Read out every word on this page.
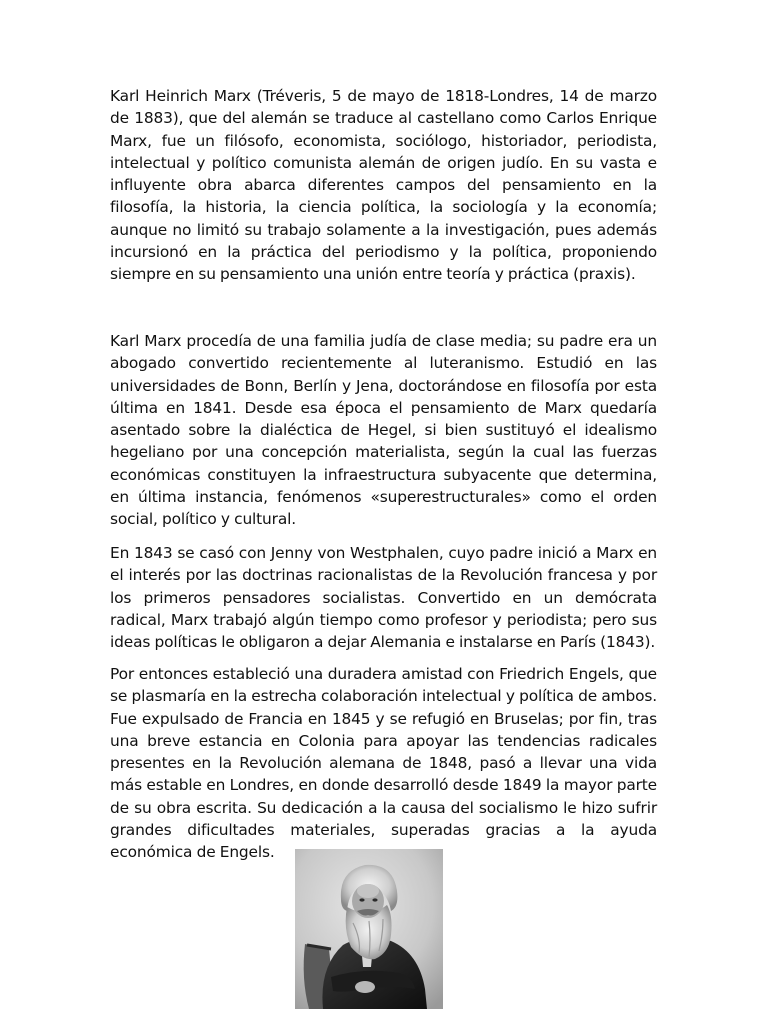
Karl Heinrich Marx (Tréveris, 5 de mayo de 1818-Londres, 14 de marzo de 1883), que del alemán se traduce al castellano como Carlos Enrique Marx, fue un filósofo, economista, sociólogo, historiador, periodista, intelectual y político comunista alemán de origen judío. En su vasta e influyente obra abarca diferentes campos del pensamiento en la filosofía, la historia, la ciencia política, la sociología y la economía; aunque no limitó su trabajo solamente a la investigación, pues además incursionó en la práctica del periodismo y la política, proponiendo siempre en su pensamiento una unión entre teoría y práctica (praxis).

Karl Marx procedía de una familia judía de clase media; su padre era un abogado convertido recientemente al luteranismo. Estudió en las universidades de Bonn, Berlín y Jena, doctorándose en filosofía por esta última en 1841. Desde esa época el pensamiento de Marx quedaría asentado sobre la dialéctica de Hegel, si bien sustituyó el idealismo hegeliano por una concepción materialista, según la cual las fuerzas económicas constituyen la infraestructura subyacente que determina, en última instancia, fenómenos «superestructurales» como el orden social, político y cultural.

En 1843 se casó con Jenny von Westphalen, cuyo padre inició a Marx en el interés por las doctrinas racionalistas de la Revolución francesa y por los primeros pensadores socialistas. Convertido en un demócrata radical, Marx trabajó algún tiempo como profesor y periodista; pero sus ideas políticas le obligaron a dejar Alemania e instalarse en París (1843).

Por entonces estableció una duradera amistad con Friedrich Engels, que se plasmaría en la estrecha colaboración intelectual y política de ambos. Fue expulsado de Francia en 1845 y se refugió en Bruselas; por fin, tras una breve estancia en Colonia para apoyar las tendencias radicales presentes en la Revolución alemana de 1848, pasó a llevar una vida más estable en Londres, en donde desarrolló desde 1849 la mayor parte de su obra escrita. Su dedicación a la causa del socialismo le hizo sufrir grandes dificultades materiales, superadas gracias a la ayuda económica de Engels.
